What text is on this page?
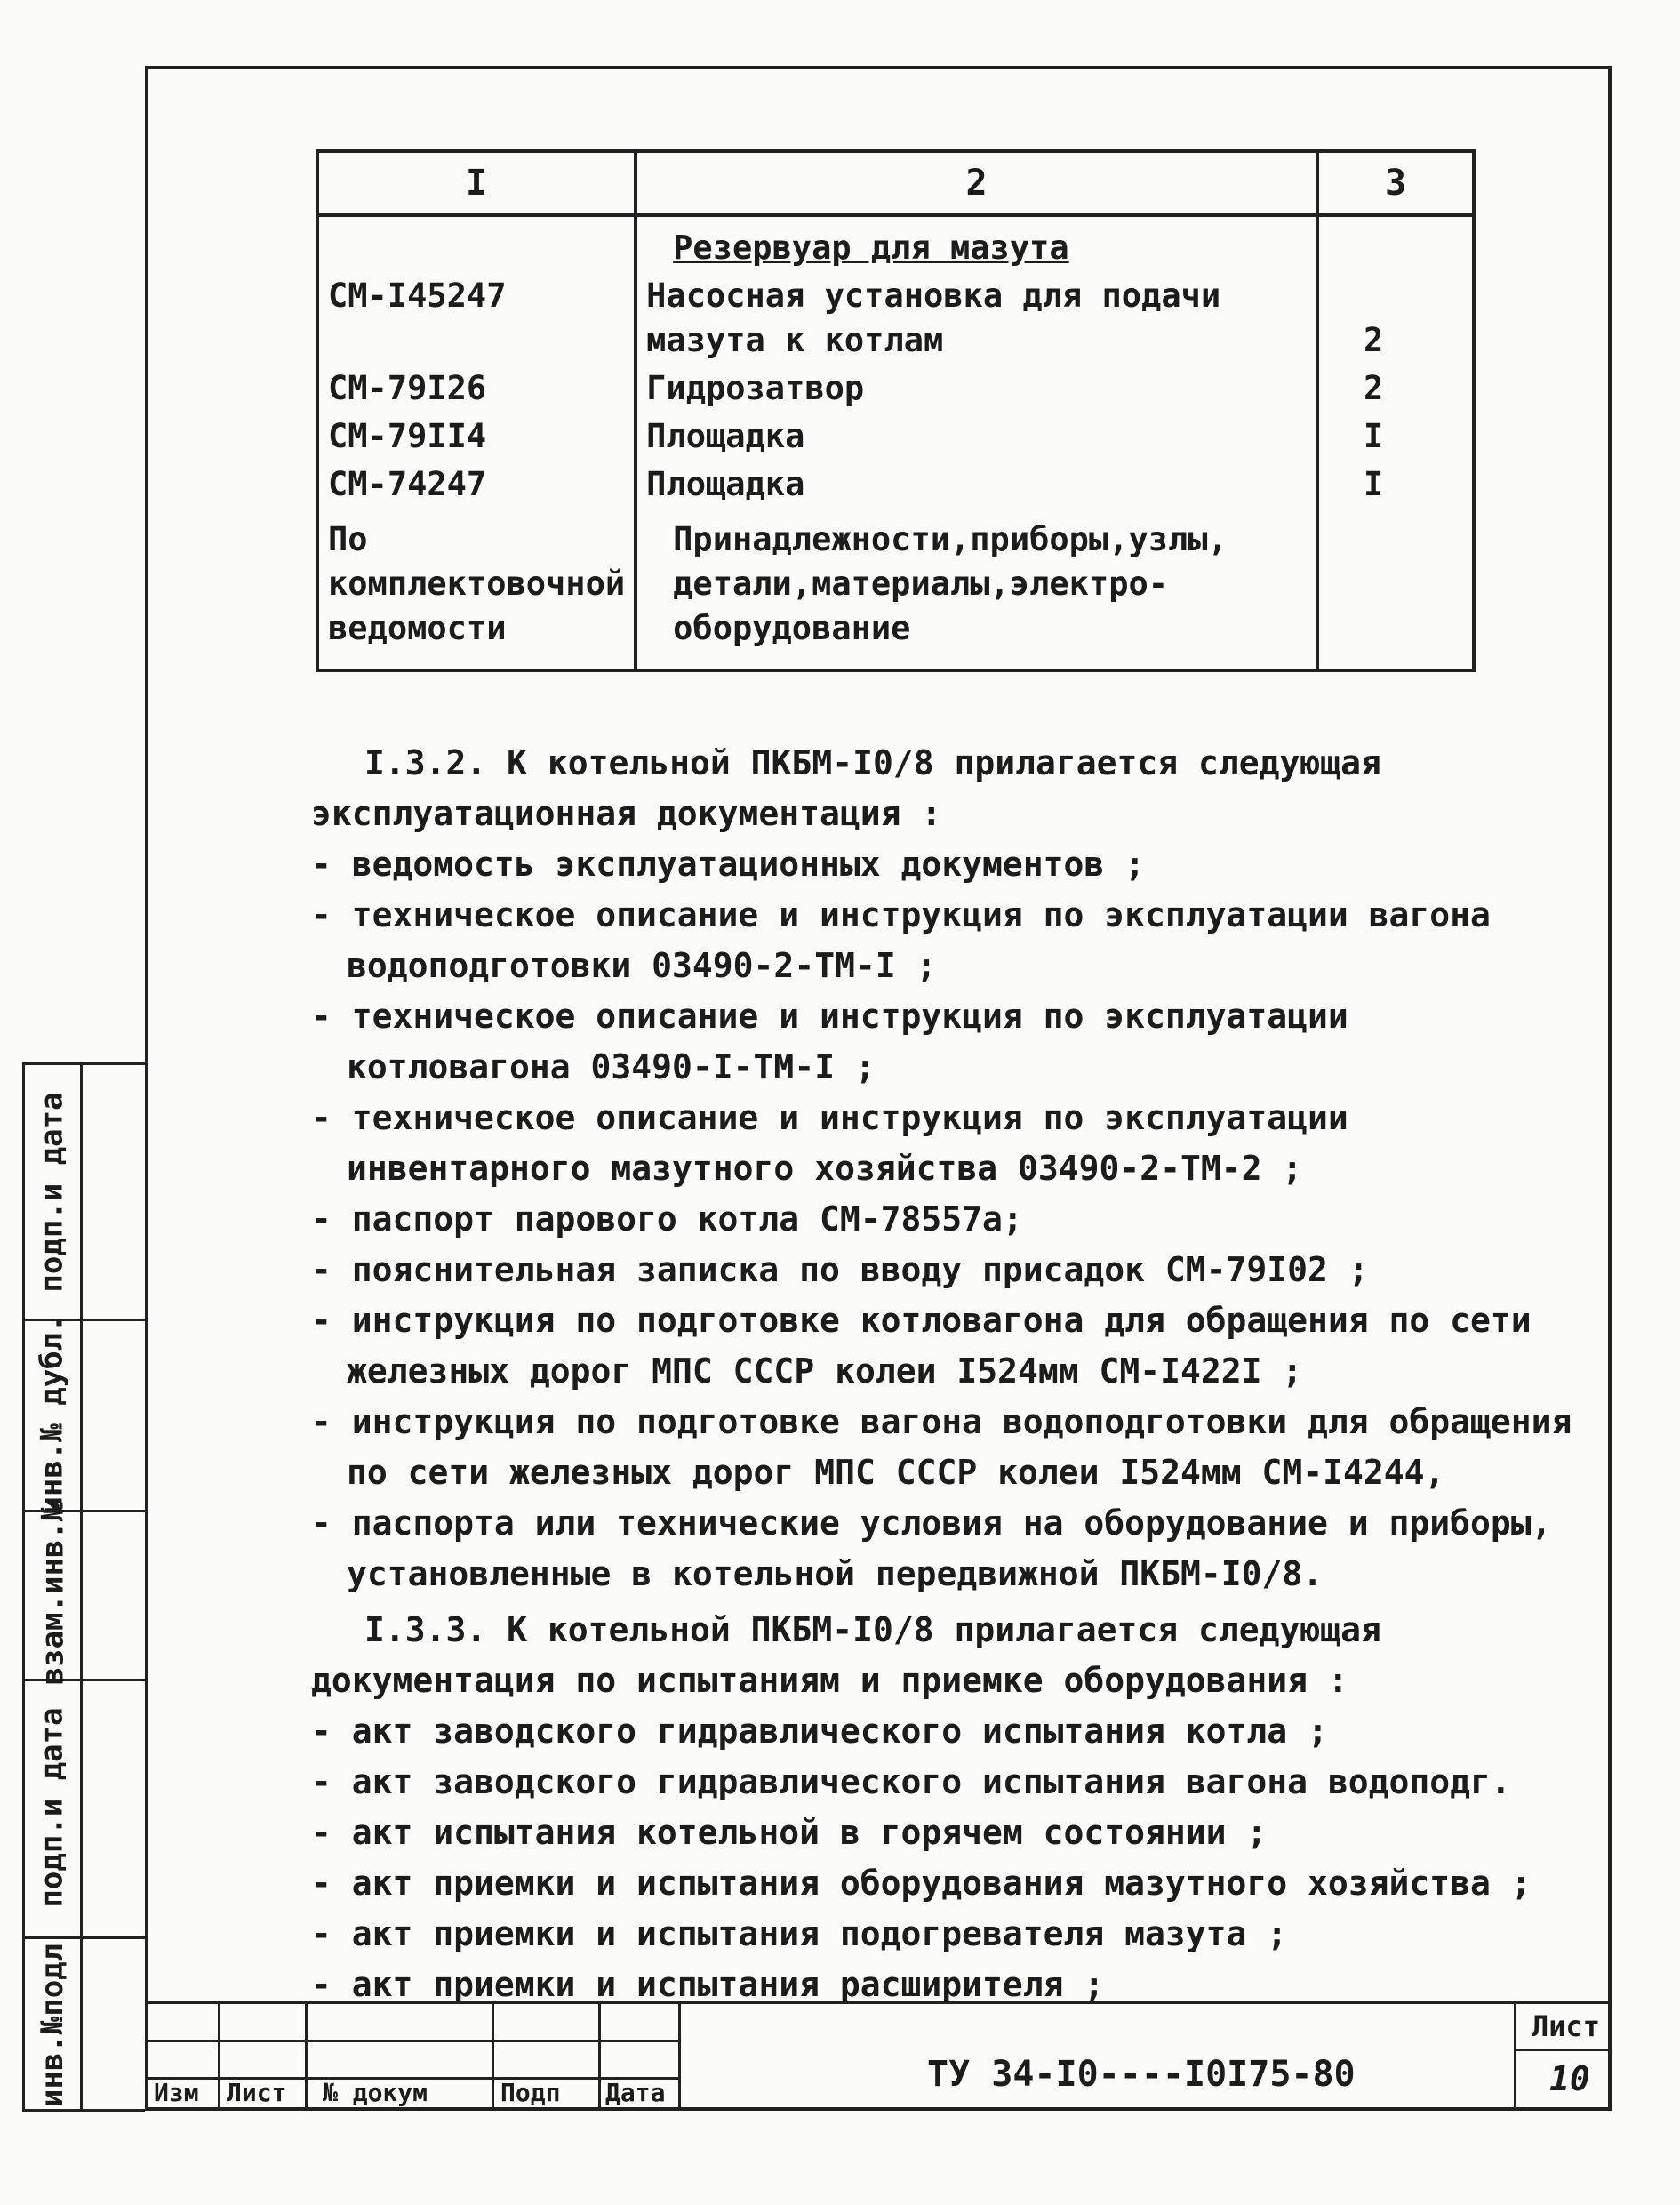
подп.и дата
инв.№ дубл.
взам.инв.№
подп.и дата
инв.№подл
I	2	3
	Резервуар для мазута	
СМ-I45247	Насосная установка для подачи мазута к котлам	2
СМ-79I26	Гидрозатвор	2
СМ-79II4	Площадка	I
СМ-74247	Площадка	I
По комплектовочной ведомости	Принадлежности,приборы,узлы, детали,материалы,электро-оборудование	
I.3.2. К котельной ПКБМ-I0/8 прилагается следующая эксплуатационная документация :
- ведомость эксплуатационных документов ;
- техническое описание и инструкция по эксплуатации вагона водоподготовки 03490-2-ТМ-I ;
- техническое описание и инструкция по эксплуатации котловагона 03490-I-ТМ-I ;
- техническое описание и инструкция по эксплуатации инвентарного мазутного хозяйства 03490-2-ТМ-2 ;
- паспорт парового котла СМ-78557а;
- пояснительная записка по вводу присадок СМ-79I02 ;
- инструкция по подготовке котловагона для обращения по сети железных дорог МПС СССР колеи I524мм СМ-I422I ;
- инструкция по подготовке вагона водоподготовки для обращения по сети железных дорог МПС СССР колеи I524мм СМ-I4244,
- паспорта или технические условия на оборудование и приборы, установленные в котельной передвижной ПКБМ-I0/8.
I.3.3. К котельной ПКБМ-I0/8 прилагается следующая документация по испытаниям и приемке оборудования :
- акт заводского гидравлического испытания котла ;
- акт заводского гидравлического испытания вагона водоподг.
- акт испытания котельной в горячем состоянии ;
- акт приемки и испытания оборудования мазутного хозяйства ;
- акт приемки и испытания подогревателя мазута ;
- акт приемки и испытания расширителя ;
Изм Лист № докум	Подп Дата	ТУ 34-I0----I0I75-80
Лист
10
